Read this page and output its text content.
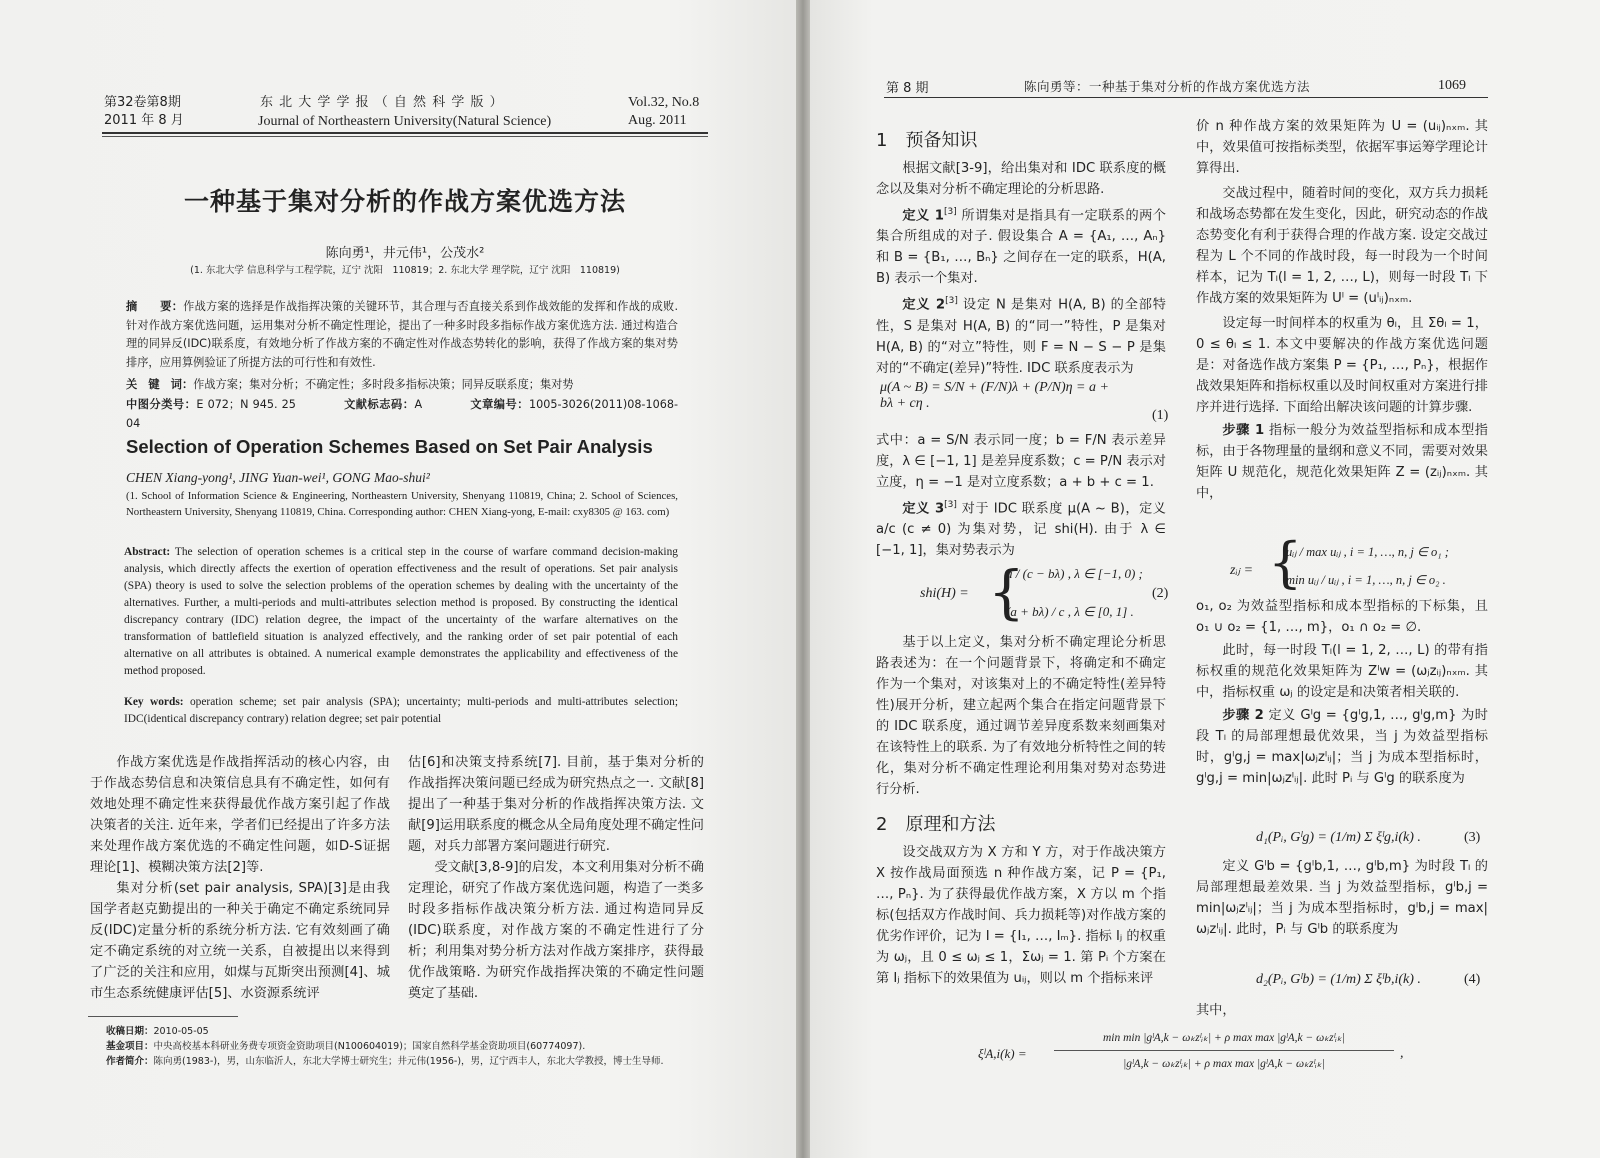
第32卷第8期
2011 年 8 月
东 北 大 学 学 报 （ 自 然 科 学 版 ）
Journal of Northeastern University(Natural Science)
Vol.32, No.8
Aug. 2011
一种基于集对分析的作战方案优选方法
陈向勇¹，井元伟¹，公茂水²
(1. 东北大学 信息科学与工程学院，辽宁 沈阳　110819；2. 东北大学 理学院，辽宁 沈阳　110819)
摘　　要：作战方案的选择是作战指挥决策的关键环节，其合理与否直接关系到作战效能的发挥和作战的成败. 针对作战方案优选问题，运用集对分析不确定性理论，提出了一种多时段多指标作战方案优选方法. 通过构造合理的同异反(IDC)联系度，有效地分析了作战方案的不确定性对作战态势转化的影响，获得了作战方案的集对势排序，应用算例验证了所提方法的可行性和有效性.
关　键　词：作战方案；集对分析；不确定性；多时段多指标决策；同异反联系度；集对势
中图分类号：E 072；N 945. 25	文献标志码：A	文章编号：1005-3026(2011)08-1068-04
Selection of Operation Schemes Based on Set Pair Analysis
CHEN Xiang-yong¹, JING Yuan-wei¹, GONG Mao-shui²
(1. School of Information Science & Engineering, Northeastern University, Shenyang 110819, China; 2. School of Sciences, Northeastern University, Shenyang 110819, China. Corresponding author: CHEN Xiang-yong, E-mail: cxy8305 @ 163. com)
Abstract: The selection of operation schemes is a critical step in the course of warfare command decision-making analysis, which directly affects the exertion of operation effectiveness and the result of operations. Set pair analysis (SPA) theory is used to solve the selection problems of the operation schemes by dealing with the uncertainty of the alternatives. Further, a multi-periods and multi-attributes selection method is proposed. By constructing the identical discrepancy contrary (IDC) relation degree, the impact of the uncertainty of the warfare alternatives on the transformation of battlefield situation is analyzed effectively, and the ranking order of set pair potential of each alternative on all attributes is obtained. A numerical example demonstrates the applicability and effectiveness of the method proposed.
Key words: operation scheme; set pair analysis (SPA); uncertainty; multi-periods and multi-attributes selection; IDC(identical discrepancy contrary) relation degree; set pair potential

作战方案优选是作战指挥活动的核心内容，由于作战态势信息和决策信息具有不确定性，如何有效地处理不确定性来获得最优作战方案引起了作战决策者的关注. 近年来，学者们已经提出了许多方法来处理作战方案优选的不确定性问题，如D-S证据理论[1]、模糊决策方法[2]等.

集对分析(set pair analysis, SPA)[3]是由我国学者赵克勤提出的一种关于确定不确定系统同异反(IDC)定量分析的系统分析方法. 它有效刻画了确定不确定系统的对立统一关系，自被提出以来得到了广泛的关注和应用，如煤与瓦斯突出预测[4]、城市生态系统健康评估[5]、水资源系统评

估[6]和决策支持系统[7]. 目前，基于集对分析的作战指挥决策问题已经成为研究热点之一. 文献[8]提出了一种基于集对分析的作战指挥决策方法. 文献[9]运用联系度的概念从全局角度处理不确定性问题，对兵力部署方案问题进行研究.

受文献[3,8-9]的启发，本文利用集对分析不确定理论，研究了作战方案优选问题，构造了一类多时段多指标作战决策分析方法. 通过构造同异反(IDC)联系度，对作战方案的不确定性进行了分析；利用集对势分析方法对作战方案排序，获得最优作战策略. 为研究作战指挥决策的不确定性问题奠定了基础.

收稿日期：2010-05-05
基金项目：中央高校基本科研业务费专项资金资助项目(N100604019)；国家自然科学基金资助项目(60774097).
作者简介：陈向勇(1983-)，男，山东临沂人，东北大学博士研究生；井元伟(1956-)，男，辽宁西丰人，东北大学教授，博士生导师.
第 8 期	陈向勇等：一种基于集对分析的作战方案优选方法	1069
1　预备知识

根据文献[3-9]，给出集对和 IDC 联系度的概念以及集对分析不确定理论的分析思路.

定义 1[3] 所谓集对是指具有一定联系的两个集合所组成的对子. 假设集合 A = {A₁, …, Aₙ} 和 B = {B₁, …, Bₙ} 之间存在一定的联系，H(A, B) 表示一个集对.

定义 2[3] 设定 N 是集对 H(A, B) 的全部特性，S 是集对 H(A, B) 的“同一”特性，P 是集对 H(A, B) 的“对立”特性，则 F = N − S − P 是集对的“不确定(差异)”特性. IDC 联系度表示为

μ(A ~ B) = S/N + (F/N)λ + (P/N)η = a + bλ + cη .
(1)

式中：a = S/N 表示同一度；b = F/N 表示差异度，λ ∈ [−1, 1] 是差异度系数；c = P/N 表示对立度，η = −1 是对立度系数；a + b + c = 1.

定义 3[3] 对于 IDC 联系度 μ(A ~ B)，定义 a/c (c ≠ 0) 为集对势，记 shi(H). 由于 λ ∈ [−1, 1]，集对势表示为

shi(H) = {
a / (c − bλ) , λ ∈ [−1, 0) ;
(a + bλ) / c , λ ∈ [0, 1] .
(2)

基于以上定义，集对分析不确定理论分析思路表述为：在一个问题背景下，将确定和不确定作为一个集对，对该集对上的不确定特性(差异特性)展开分析，建立起两个集合在指定问题背景下的 IDC 联系度，通过调节差异度系数来刻画集对在该特性上的联系. 为了有效地分析特性之间的转化，集对分析不确定性理论利用集对势对态势进行分析.

2　原理和方法

设交战双方为 X 方和 Y 方，对于作战决策方 X 按作战局面预选 n 种作战方案，记 P = {P₁, …, Pₙ}. 为了获得最优作战方案，X 方以 m 个指标(包括双方作战时间、兵力损耗等)对作战方案的优劣作评价，记为 I = {I₁, …, Iₘ}. 指标 Iⱼ 的权重为 ωⱼ，且 0 ≤ ωⱼ ≤ 1，Σωⱼ = 1. 第 Pᵢ 个方案在第 Iⱼ 指标下的效果值为 uᵢⱼ，则以 m 个指标来评

价 n 种作战方案的效果矩阵为 U = (uᵢⱼ)ₙₓₘ. 其中，效果值可按指标类型，依据军事运筹学理论计算得出.

交战过程中，随着时间的变化，双方兵力损耗和战场态势都在发生变化，因此，研究动态的作战态势变化有利于获得合理的作战方案. 设定交战过程为 L 个不同的作战时段，每一时段为一个时间样本，记为 Tₗ(l = 1, 2, …, L)，则每一时段 Tₗ 下作战方案的效果矩阵为 Uˡ = (uˡᵢⱼ)ₙₓₘ.

设定每一时间样本的权重为 θₗ，且 Σθₗ = 1，0 ≤ θₗ ≤ 1. 本文中要解决的作战方案优选问题是：对备选作战方案集 P = {P₁, …, Pₙ}，根据作战效果矩阵和指标权重以及时间权重对方案进行排序并进行选择. 下面给出解决该问题的计算步骤.

步骤 1 指标一般分为效益型指标和成本型指标，由于各物理量的量纲和意义不同，需要对效果矩阵 U 规范化，规范化效果矩阵 Z = (zᵢⱼ)ₙₓₘ. 其中，

zᵢⱼ = {
uᵢⱼ / max uᵢⱼ , i = 1, …, n, j ∈ o₁ ;
min uᵢⱼ / uᵢⱼ , i = 1, …, n, j ∈ o₂ .

o₁, o₂ 为效益型指标和成本型指标的下标集，且 o₁ ∪ o₂ = {1, …, m}，o₁ ∩ o₂ = ∅.

此时，每一时段 Tₗ(l = 1, 2, …, L) 的带有指标权重的规范化效果矩阵为 Zˡw = (ωⱼzᵢⱼ)ₙₓₘ. 其中，指标权重 ωⱼ 的设定是和决策者相关联的.

步骤 2 定义 Gˡg = {gˡg,1, …, gˡg,m} 为时段 Tₗ 的局部理想最优效果，当 j 为效益型指标时，gˡg,j = max|ωⱼzˡᵢⱼ|；当 j 为成本型指标时，gˡg,j = min|ωⱼzˡᵢⱼ|. 此时 Pᵢ 与 Gˡg 的联系度为

d₁(Pᵢ, Gˡg) = (1/m) Σ ξˡg,i(k) .	(3)

定义 Gˡb = {gˡb,1, …, gˡb,m} 为时段 Tₗ 的局部理想最差效果. 当 j 为效益型指标，gˡb,j = min|ωⱼzˡᵢⱼ|；当 j 为成本型指标时，gˡb,j = max|ωⱼzˡᵢⱼ|. 此时，Pᵢ 与 Gˡb 的联系度为

d₂(Pᵢ, Gˡb) = (1/m) Σ ξˡb,i(k) .	(4)
其中，
ξˡA,i(k) =
min min |gˡA,k − ωₖzˡᵢₖ| + ρ max max |gˡA,k − ωₖzˡᵢₖ|
|gˡA,k − ωₖzˡᵢₖ| + ρ max max |gˡA,k − ωₖzˡᵢₖ|
,
